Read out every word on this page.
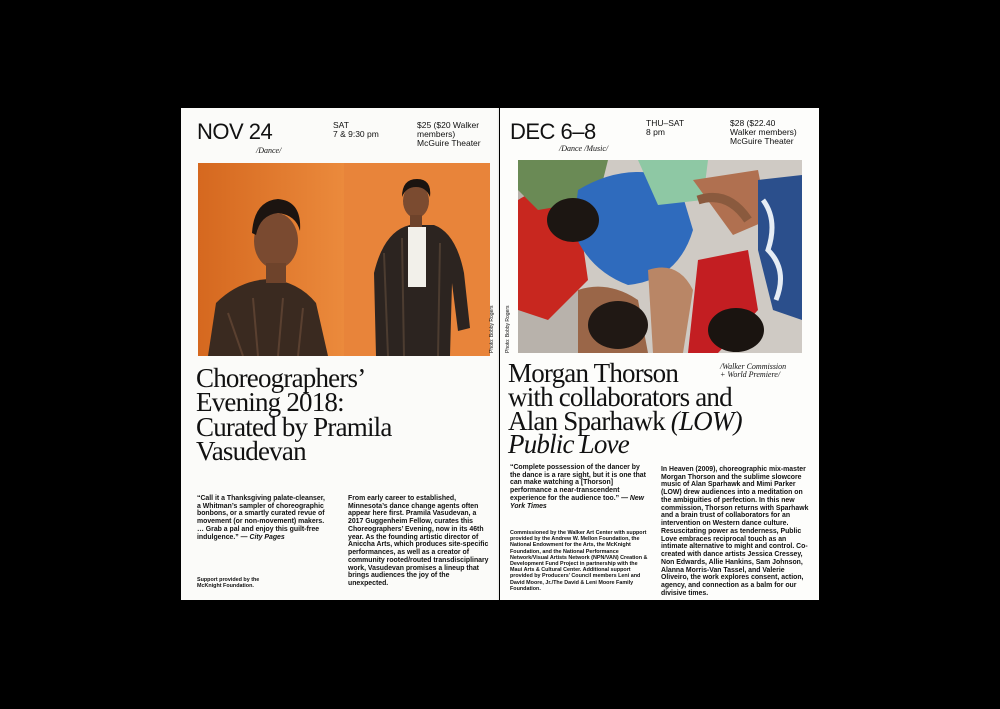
NOV 24	SAT
7 & 9:30 pm
$25 ($20 Walker
members)
McGuire Theater
/Dance/
Photo: Bobby Rogers
Choreographers’
Evening 2018:
Curated by Pramila
Vasudevan
“Call it a Thanksgiving palate-cleanser, a Whitman’s sampler of choreographic bonbons, or a smartly curated revue of movement (or non-movement) makers. … Grab a pal and enjoy this guilt-free indulgence.” — City Pages
Support provided by the McKnight Foundation.
From early career to established, Minnesota’s dance change agents often appear here first. Pramila Vasudevan, a 2017 Guggenheim Fellow, curates this Choreographers’ Evening, now in its 46th year. As the founding artistic director of Aniccha Arts, which produces site-specific performances, as well as a creator of community rooted/routed transdisciplinary work, Vasudevan promises a lineup that brings audiences the joy of the unexpected.
DEC 6–8	THU–SAT
8 pm
$28 ($22.40
Walker members)
McGuire Theater
/Dance /Music/
Photo: Bobby Rogers
Morgan Thorson
with collaborators and
Alan Sparhawk (LOW)
Public Love
/Walker Commission
+ World Premiere/
“Complete possession of the dancer by the dance is a rare sight, but it is one that can make watching a [Thorson] performance a near-transcendent experience for the audience too.” — New York Times
Commissioned by the Walker Art Center with support provided by the Andrew W. Mellon Foundation, the National Endowment for the Arts, the McKnight Foundation, and the National Performance Network/Visual Artists Network (NPN/VAN) Creation & Development Fund Project in partnership with the Maui Arts & Cultural Center. Additional support provided by Producers’ Council members Leni and David Moore, Jr./The David & Leni Moore Family Foundation.
In Heaven (2009), choreographic mix-master Morgan Thorson and the sublime slowcore music of Alan Sparhawk and Mimi Parker (LOW) drew audiences into a meditation on the ambiguities of perfection. In this new commission, Thorson returns with Sparhawk and a brain trust of collaborators for an intervention on Western dance culture. Resuscitating power as tenderness, Public Love embraces reciprocal touch as an intimate alternative to might and control. Co-created with dance artists Jessica Cressey, Non Edwards, Allie Hankins, Sam Johnson, Alanna Morris-Van Tassel, and Valerie Oliveiro, the work explores consent, action, agency, and connection as a balm for our divisive times.
